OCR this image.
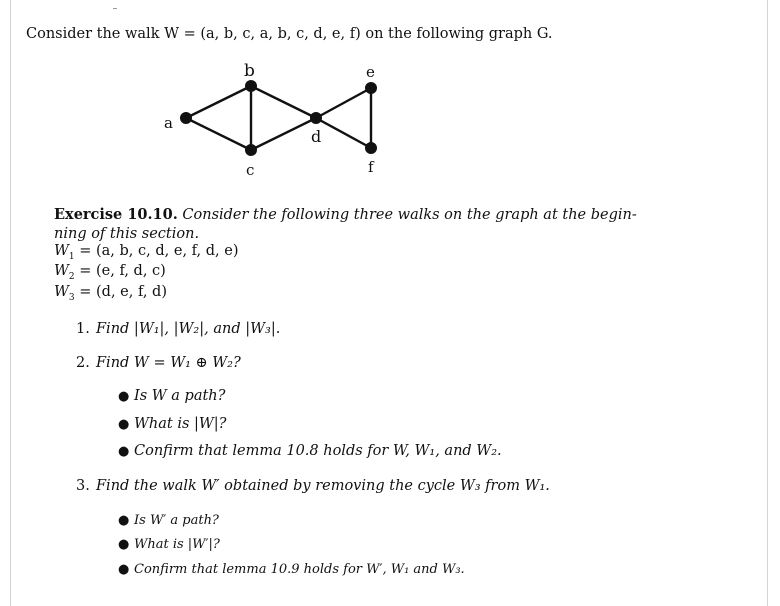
Consider the walk W = (a, b, c, a, b, c, d, e, f) on the following graph G.
a
b
c
d
e
f
Exercise 10.10. Consider the following three walks on the graph at the begin-
ning of this section.
$W_1 = (a$, b, c, d, e, f, d, e)
$W_2 = (e$, f, d, c)
$W_3 = (d$, e, f, d)
1. Find |W₁|, |W₂|, and |W₃|.
2. Find W = W₁ ⊕ W₂?
● Is W a path?
● What is |W|?
● Confirm that lemma 10.8 holds for W, W₁, and W₂.
3. Find the walk W′ obtained by removing the cycle W₃ from W₁.
● Is W′ a path?
● What is |W′|?
● Confirm that lemma 10.9 holds for W′, W₁ and W₃.
